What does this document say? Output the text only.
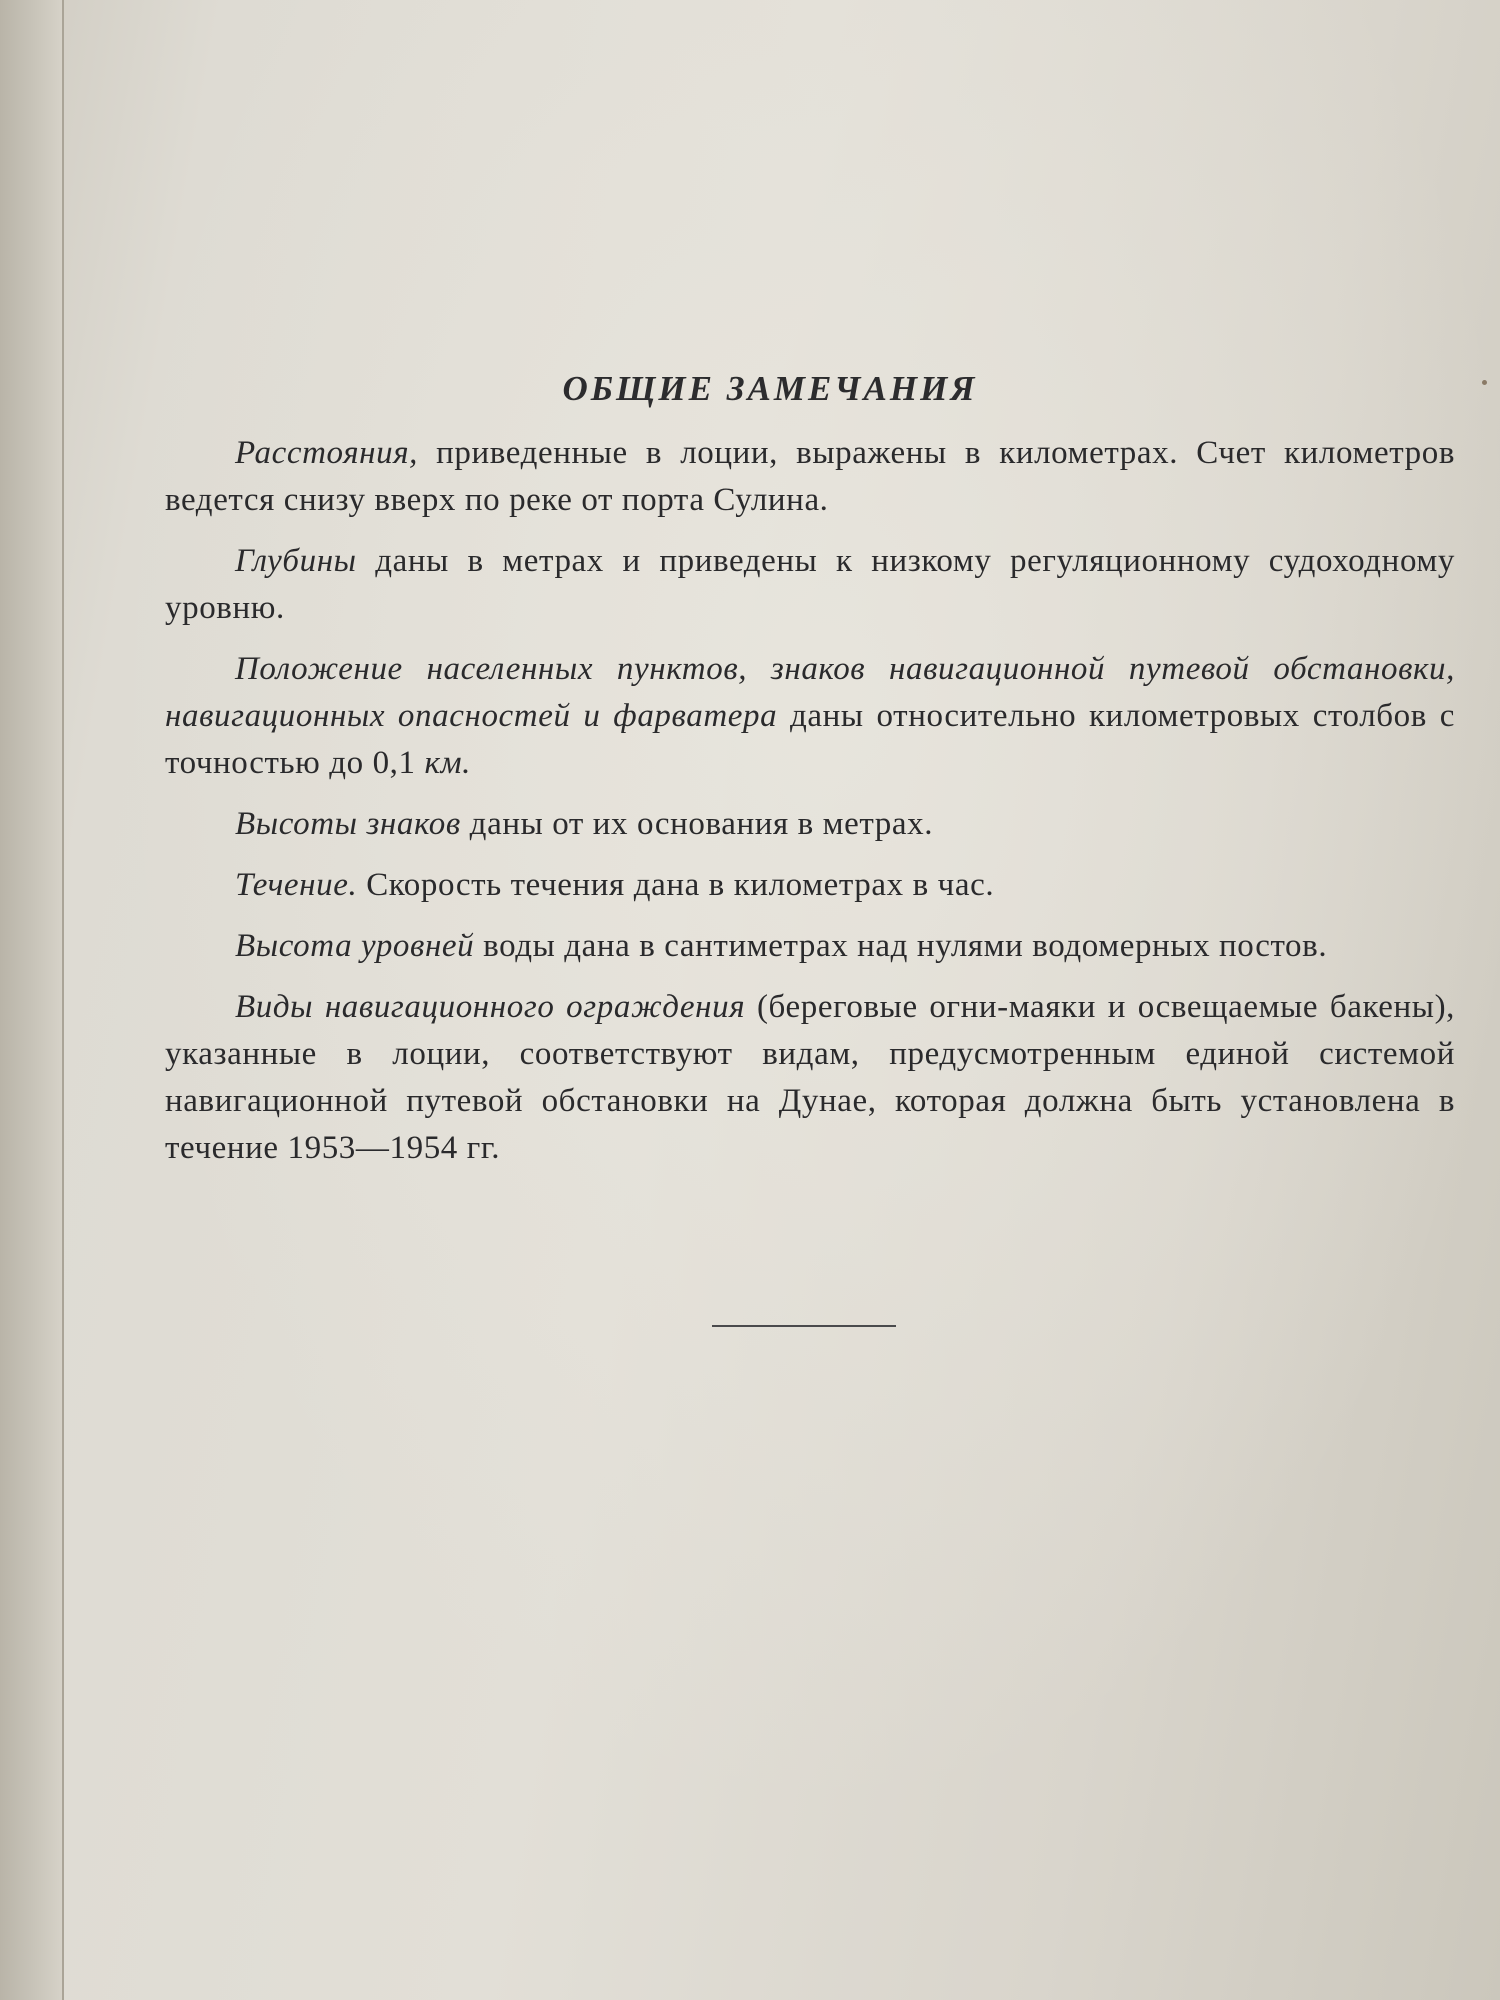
ОБЩИЕ ЗАМЕЧАНИЯ

Расстояния, приведенные в лоции, выражены в километрах. Счет километров ведется снизу вверх по реке от порта Сулина.

Глубины даны в метрах и приведены к низкому регуляционному судоходному уровню.

Положение населенных пунктов, знаков навигационной путевой обстановки, навигационных опасностей и фарватера даны относительно километровых столбов с точностью до 0,1 км.

Высоты знаков даны от их основания в метрах.

Течение. Скорость течения дана в километрах в час.

Высота уровней воды дана в сантиметрах над нулями водомерных постов.

Виды навигационного ограждения (береговые огни-маяки и освещаемые бакены), указанные в лоции, соответствуют видам, предусмотренным единой системой навигационной путевой обстановки на Дунае, которая должна быть установлена в течение 1953—1954 гг.
